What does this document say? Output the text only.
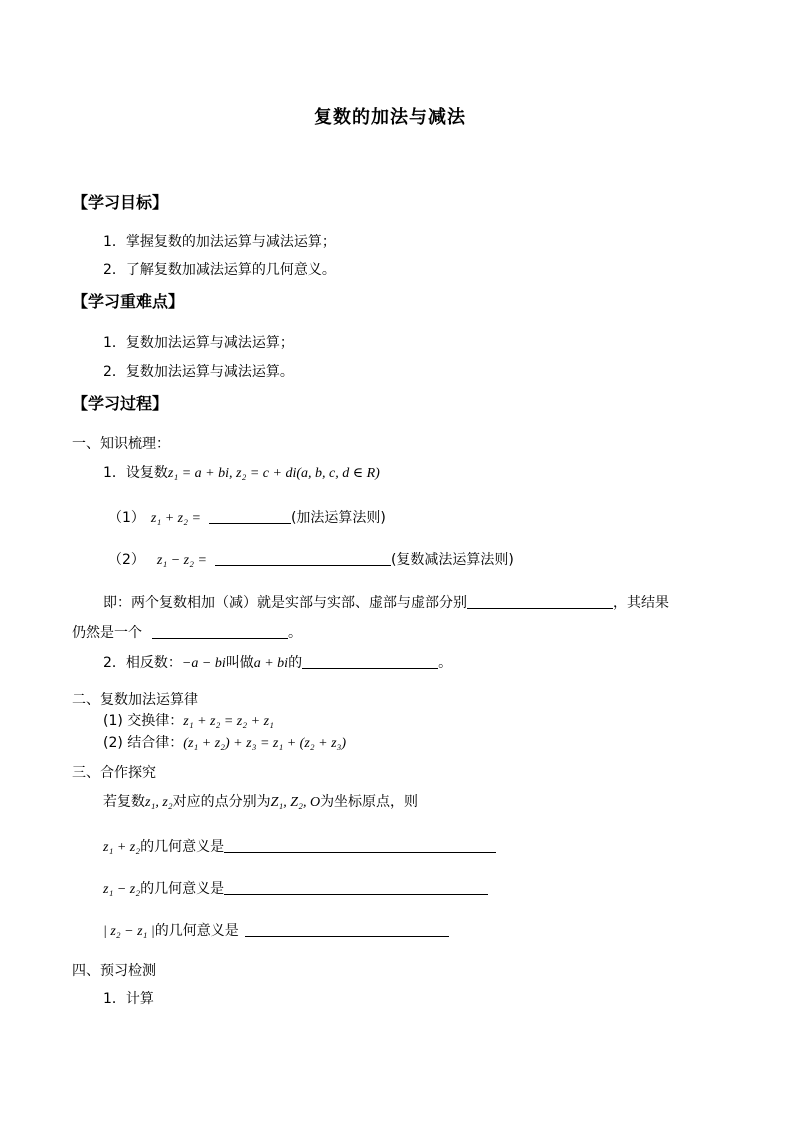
复数的加法与减法
【学习目标】
1．掌握复数的加法运算与减法运算；
2．了解复数加减法运算的几何意义。
【学习重难点】
1．复数加法运算与减法运算；
2．复数加法运算与减法运算。
【学习过程】
一、知识梳理：
1．设复数z₁ = a + bi, z₂ = c + di(a, b, c, d ∈ R)
（1） z₁ + z₂ =	(加法运算法则)
（2） z₁ − z₂ =	(复数减法运算法则)
即：两个复数相加（减）就是实部与实部、虚部与虚部分别	，其结果
仍然是一个	。
2．相反数：−a − bi叫做a + bi的	。
二、复数加法运算律
(1) 交换律：z₁ + z₂ = z₂ + z₁
(2) 结合律：(z₁ + z₂) + z₃ = z₁ + (z₂ + z₃)
三、合作探究
若复数z₁, z₂对应的点分别为Z₁, Z₂, O为坐标原点，则
z₁ + z₂的几何意义是
z₁ − z₂的几何意义是
| z₂ − z₁ |的几何意义是
四、预习检测
1．计算
